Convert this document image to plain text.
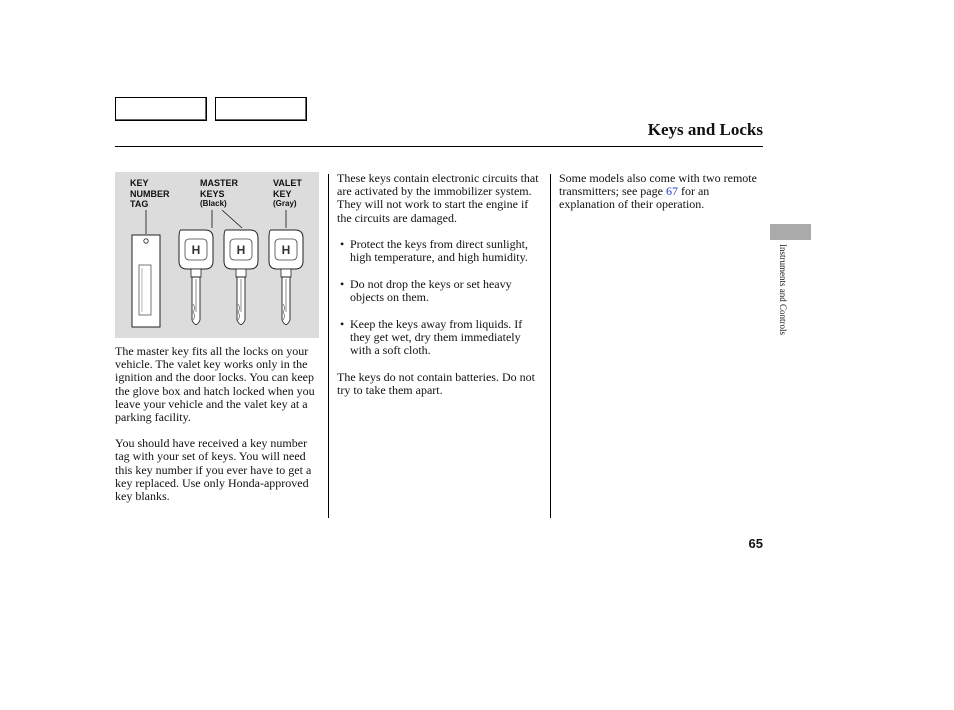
Keys and Locks
KEY
NUMBER
TAG
MASTER
KEYS
(Black)
VALET
KEY
(Gray)
H	H	H

The master key fits all the locks on your vehicle. The valet key works only in the ignition and the door locks. You can keep the glove box and hatch locked when you leave your vehicle and the valet key at a parking facility.

You should have received a key number tag with your set of keys. You will need this key number if you ever have to get a key replaced. Use only Honda-approved key blanks.

These keys contain electronic circuits that are activated by the immobilizer system. They will not work to start the engine if the circuits are damaged.

• Protect the keys from direct sunlight, high temperature, and high humidity.
• Do not drop the keys or set heavy objects on them.
• Keep the keys away from liquids. If they get wet, dry them immediately with a soft cloth.

The keys do not contain batteries. Do not try to take them apart.

Some models also come with two remote transmitters; see page 67 for an explanation of their operation.

Instruments and Controls
65
